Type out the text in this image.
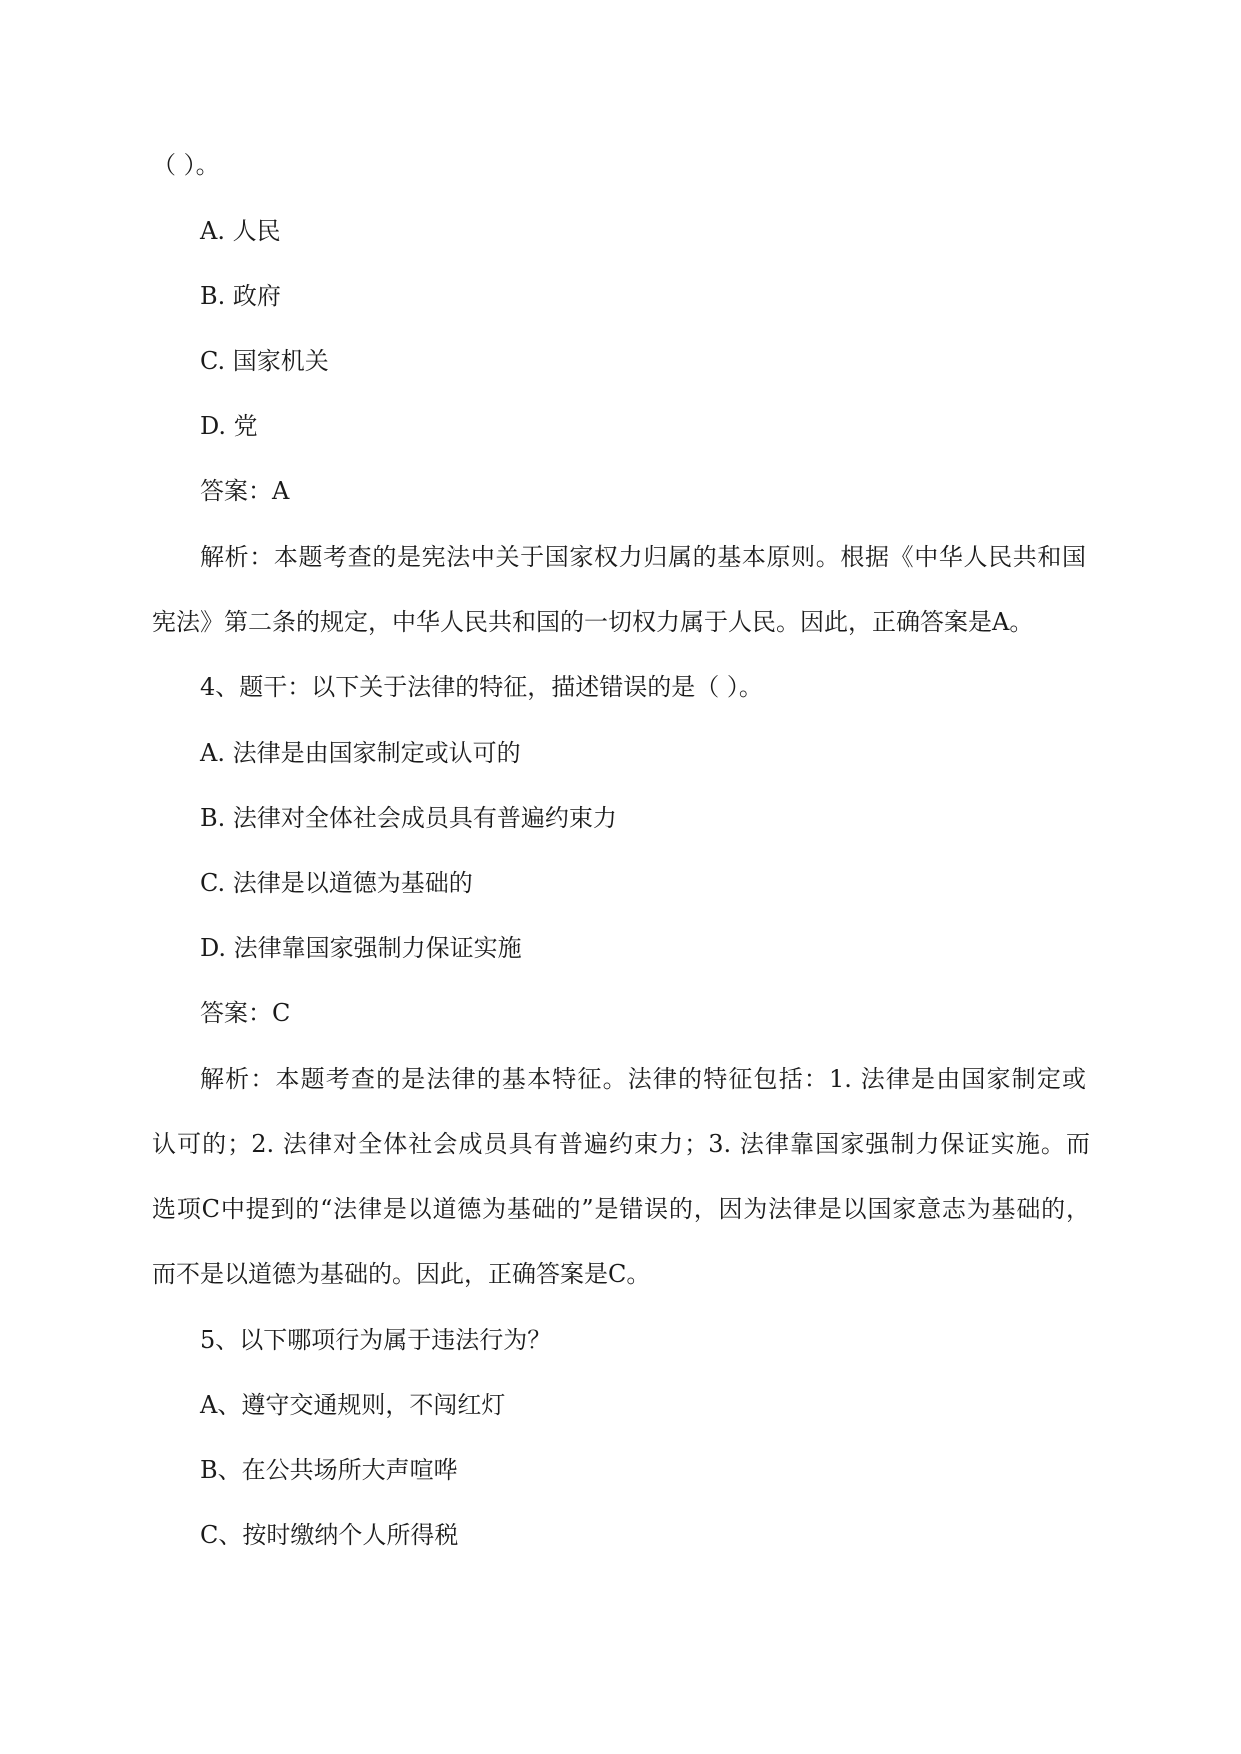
（ ）。

A. 人民

B. 政府

C. 国家机关

D. 党

答案：A

解析：本题考查的是宪法中关于国家权力归属的基本原则。根据《中华人民共和国

宪法》第二条的规定，中华人民共和国的一切权力属于人民。因此，正确答案是A。

4、题干：以下关于法律的特征，描述错误的是（ ）。

A. 法律是由国家制定或认可的

B. 法律对全体社会成员具有普遍约束力

C. 法律是以道德为基础的

D. 法律靠国家强制力保证实施

答案：C

解析：本题考查的是法律的基本特征。法律的特征包括：1. 法律是由国家制定或

认可的；2. 法律对全体社会成员具有普遍约束力；3. 法律靠国家强制力保证实施。而

选项C中提到的“法律是以道德为基础的”是错误的，因为法律是以国家意志为基础的，

而不是以道德为基础的。因此，正确答案是C。

5、以下哪项行为属于违法行为？

A、遵守交通规则，不闯红灯

B、在公共场所大声喧哗

C、按时缴纳个人所得税
